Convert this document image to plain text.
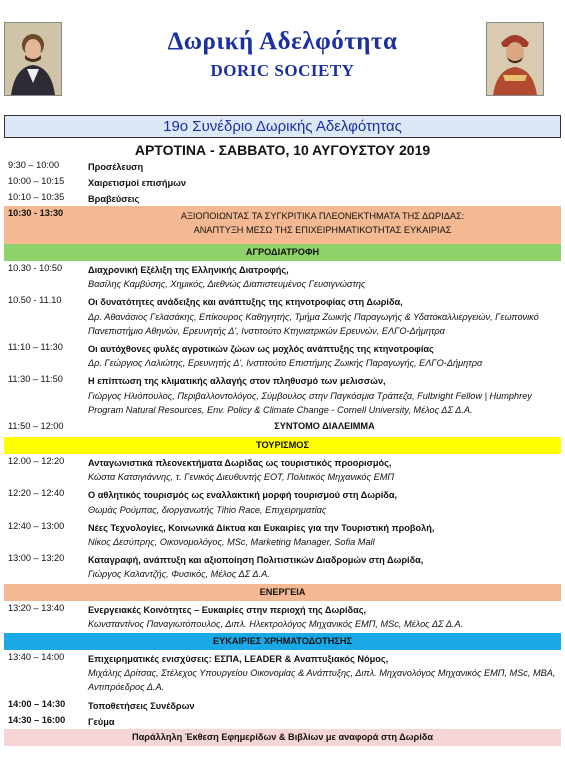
Δωρική Αδελφότητα
DORIC SOCIETY
19ο Συνέδριο Δωρικής Αδελφότητας
ΑΡΤΟΤΙΝΑ - ΣΑΒΒΑΤΟ, 10 ΑΥΓΟΥΣΤΟΥ 2019
9:30 – 10:00	Προσέλευση
10:00 – 10:15	Χαιρετισμοί επισήμων
10:10 – 10:35	Βραβεύσεις
10:30 - 13:30	ΑΞΙΟΠΟΙΩΝΤΑΣ ΤΑ ΣΥΓΚΡΙΤΙΚΑ ΠΛΕΟΝΕΚΤΗΜΑΤΑ ΤΗΣ ΔΩΡΙΔΑΣ:
ΑΝΑΠΤΥΞΗ ΜΕΣΩ ΤΗΣ ΕΠΙΧΕΙΡΗΜΑΤΙΚΟΤΗΤΑΣ ΕΥΚΑΙΡΙΑΣ
ΑΓΡΟΔΙΑΤΡΟΦΗ
10.30 - 10:50	Διαχρονική Εξέλιξη της Ελληνικής Διατροφής,
Βασίλης Καμβύσης, Χημικός, Διεθνώς Διαπιστευμένος Γευσιγνώστης
10.50 - 11.10	Οι δυνατότητες ανάδειξης και ανάπτυξης της κτηνοτροφίας στη Δωρίδα,
Δρ. Αθανάσιος Γελασάκης, Επίκουρος Καθηγητής, Τμήμα Ζωικής Παραγωγής & Υδατοκαλλιεργειών, Γεωπονικό Πανεπιστήμιο Αθηνών, Ερευνητής Δ', Ινστιτούτο Κτηνιατρικών Ερευνών, ΕΛΓΟ-Δήμητρα
11:10 – 11:30	Οι αυτόχθονες φυλές αγροτικών ζώων ως μοχλός ανάπτυξης της κτηνοτροφίας
Δρ. Γεώργιος Λαλιώτης, Ερευνητής Δ', Ινστιτούτο Επιστήμης Ζωικής Παραγωγής, ΕΛΓΟ-Δήμητρα
11:30 – 11:50	Η επίπτωση της κλιματικής αλλαγής στον πληθυσμό των μελισσών,
Γιώργος Ηλιόπουλος, Περιβαλλοντολόγος, Σύμβουλος στην Παγκόσμια Τράπεζα, Fulbright Fellow | Humphrey Program Natural Resources, Env. Policy & Climate Change - Cornell University, Μέλος ΔΣ Δ.Α.
11:50 – 12:00	ΣΥΝΤΟΜΟ ΔΙΑΛΕΙΜΜΑ
ΤΟΥΡΙΣΜΟΣ
12.00 – 12:20	Ανταγωνιστικά πλεονεκτήματα Δωρίδας ως τουριστικός προορισμός,
Κώστα Κατσιγιάννης, τ. Γενικός Διευθυντής ΕΟΤ, Πολιτικός Μηχανικός ΕΜΠ
12:20 – 12:40	Ο αθλητικός τουρισμός ως εναλλακτική μορφή τουρισμού στη Δωρίδα,
Θωμάς Ρούμπας, διοργανωτής Tihio Race, Επιχειρηματίας
12:40 – 13:00	Νέες Τεχνολογίες, Κοινωνικά Δίκτυα και Ευκαιρίες για την Τουριστική προβολή,
Νίκος Δεσύπρης, Οικονομολόγος, MSc, Marketing Manager, Sofia Mall
13:00 – 13:20	Καταγραφή, ανάπτυξη και αξιοποίηση Πολιτιστικών Διαδρομών στη Δωρίδα,
Γιώργος Καλαντζής, Φυσικός, Μέλος ΔΣ Δ.Α.
ΕΝΕΡΓΕΙΑ
13:20 – 13:40	Ενεργειακές Κοινότητες – Ευκαιρίες στην περιοχή της Δωρίδας,
Κωνσταντίνος Παναγιωτόπουλος, Διπλ. Ηλεκτρολόγος Μηχανικός ΕΜΠ, MSc, Μέλος ΔΣ Δ.Α.
ΕΥΚΑΙΡΙΕΣ ΧΡΗΜΑΤΟΔΟΤΗΣΗΣ
13:40 – 14:00	Επιχειρηματικές ενισχύσεις: ΕΣΠΑ, LEADER & Αναπτυξιακός Νόμος,
Μιχάλης Δρίτσας, Στέλεχος Υπουργείου Οικονομίας & Ανάπτυξης, Διπλ. Μηχανολόγος Μηχανικός ΕΜΠ, MSc, MBA, Αντιπρόεδρος Δ.Α.
14:00 – 14:30 Τοποθετήσεις Συνέδρων
14:30 – 16:00 Γεύμα
Παράλληλη Έκθεση Εφημερίδων & Βιβλίων με αναφορά στη Δωρίδα
